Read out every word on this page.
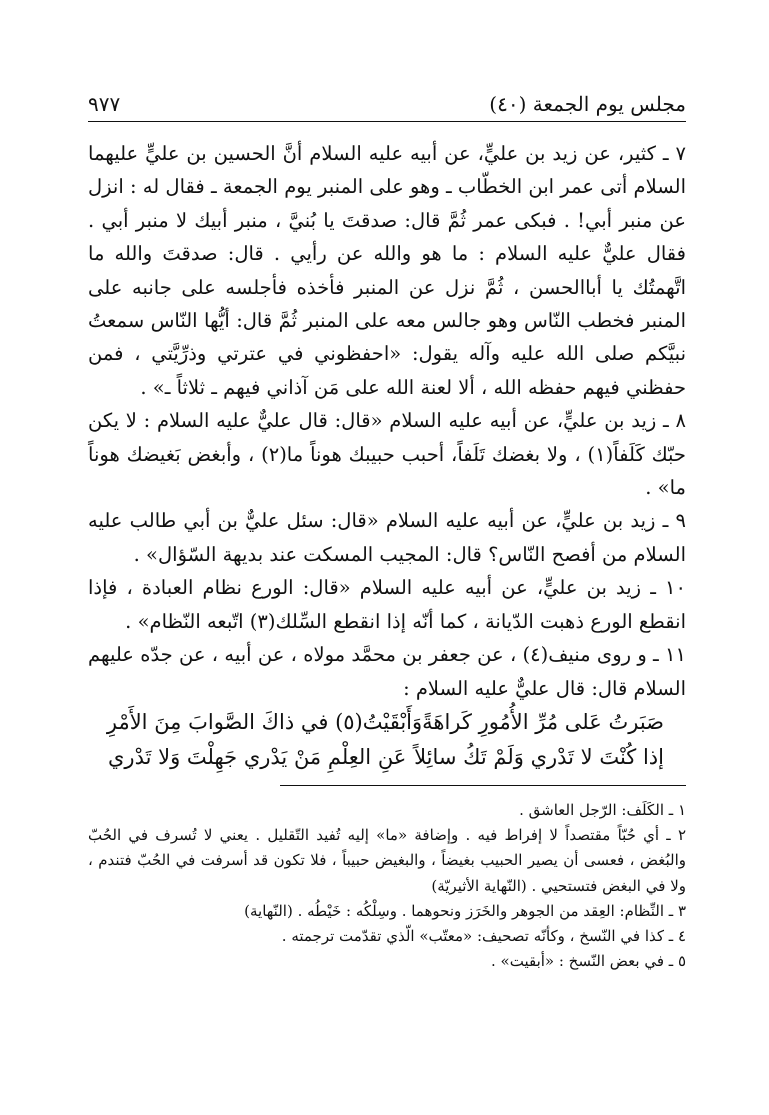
مجلس يوم الجمعة (٤٠)
٩٧٧

٧ ـ كثير، عن زيد بن عليٍّ، عن أبيه عليه السلام أنَّ الحسين بن عليٍّ عليهما السلام أتى عمر ابن الخطّاب ـ وهو على المنبر يوم الجمعة ـ فقال له : انزل عن منبر أبي! . فبكى عمر ثُمَّ قال: صدقتَ يا بُنيَّ ، منبر أبيك لا منبر أبي . فقال عليٌّ عليه السلام : ما هو والله عن رأيي . قال: صدقتَ والله ما اتَّهمتُك يا أباالحسن ، ثُمَّ نزل عن المنبر فأخذه فأجلسه على جانبه على المنبر فخطب النّاس وهو جالس معه على المنبر ثُمَّ قال: أيُّها النّاس سمعتُ نبيَّكم صلى الله عليه وآله يقول: «احفظوني في عترتي وذرِّيَّتي ، فمن حفظني فيهم حفظه الله ، ألا لعنة الله على مَن آذاني فيهم ـ ثلاثاً ـ» .

٨ ـ زيد بن عليٍّ، عن أبيه عليه السلام «قال: قال عليٌّ عليه السلام : لا يكن حبّك كَلَفاً(١) ، ولا بغضك تَلَفاً، أحبب حبيبك هوناً ما(٢) ، وأبغض بَغيضك هوناً ما» .

٩ ـ زيد بن عليٍّ، عن أبيه عليه السلام «قال: سئل عليٌّ بن أبي طالب عليه السلام من أفصح النّاس؟ قال: المجيب المسكت عند بديهة السّؤال» .

١٠ ـ زيد بن عليٍّ، عن أبيه عليه السلام «قال: الورع نظام العبادة ، فإذا انقطع الورع ذهبت الدّيانة ، كما أنّه إذا انقطع السِّلك(٣) اتّبعه النّظام» .

١١ ـ و روى منيف(٤) ، عن جعفر بن محمَّد مولاه ، عن أبيه ، عن جدّه عليهم السلام قال: قال عليٌّ عليه السلام :

صَبَرتُ عَلى مُرِّ الأُمُورِ كَراهَةً
وَأَبْقَيْتُ(٥) في ذاكَ الصَّوابَ مِنَ الأَمْرِ
إذا كُنْتَ لا تَدْري وَلَمْ تَكُ سائِلاً
عَنِ العِلْمِ مَنْ يَدْري جَهِلْتَ وَلا تَدْري

١ ـ الكَلَف: الرّجل العاشق .

٢ ـ أي حُبّاً مقتصداً لا إفراط فيه . وإضافة «ما» إليه تُفيد التّقليل . يعني لا تُسرف في الحُبّ والبُغض ، فعسى أن يصير الحبيب بغيضاً ، والبغيض حبيباً ، فلا تكون قد أسرفت في الحُبّ فتندم ، ولا في البغض فتستحيي . (النّهاية الأثيريّة)

٣ ـ النِّظام: العِقد من الجوهر والخَرَز ونحوهما . وسِلْكُه : خَيْطُه . (النّهاية)

٤ ـ كذا في النّسخ ، وكأنّه تصحيف: «معتّب» الّذي تقدّمت ترجمته .

٥ ـ في بعض النّسخ : «أبقيت» .
